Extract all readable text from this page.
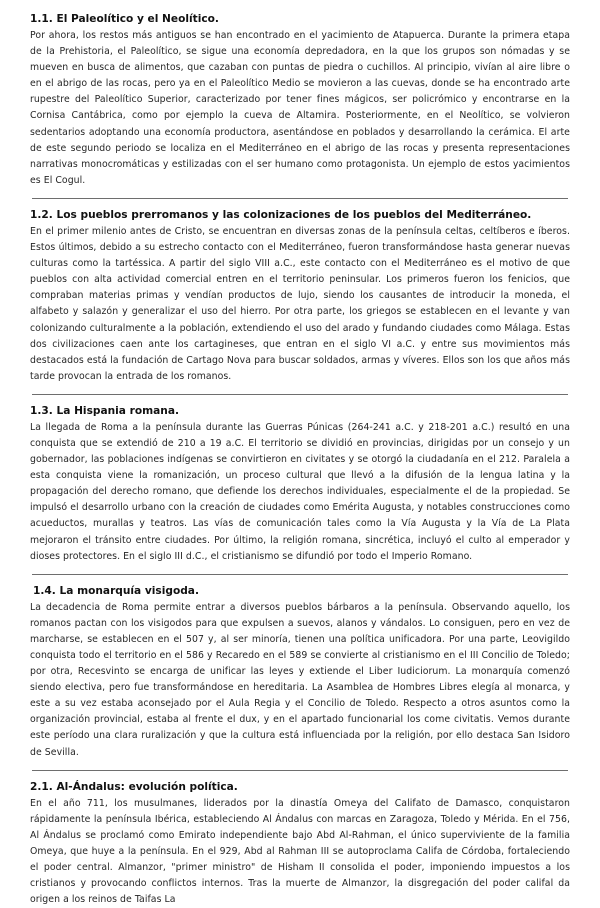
1.1. El Paleolítico y el Neolítico.

Por ahora, los restos más antiguos se han encontrado en el yacimiento de Atapuerca. Durante la primera etapa de la Prehistoria, el Paleolítico, se sigue una economía depredadora, en la que los grupos son nómadas y se mueven en busca de alimentos, que cazaban con puntas de piedra o cuchillos. Al principio, vivían al aire libre o en el abrigo de las rocas, pero ya en el Paleolítico Medio se movieron a las cuevas, donde se ha encontrado arte rupestre del Paleolítico Superior, caracterizado por tener fines mágicos, ser policrómico y encontrarse en la Cornisa Cantábrica, como por ejemplo la cueva de Altamira. Posteriormente, en el Neolítico, se volvieron sedentarios adoptando una economía productora, asentándose en poblados y desarrollando la cerámica. El arte de este segundo periodo se localiza en el Mediterráneo en el abrigo de las rocas y presenta representaciones narrativas monocromáticas y estilizadas con el ser humano como protagonista. Un ejemplo de estos yacimientos es El Cogul.

1.2. Los pueblos prerromanos y las colonizaciones de los pueblos del Mediterráneo.

En el primer milenio antes de Cristo, se encuentran en diversas zonas de la península celtas, celtíberos e íberos. Estos últimos, debido a su estrecho contacto con el Mediterráneo, fueron transformándose hasta generar nuevas culturas como la tartéssica. A partir del siglo VIII a.C., este contacto con el Mediterráneo es el motivo de que pueblos con alta actividad comercial entren en el territorio peninsular. Los primeros fueron los fenicios, que compraban materias primas y vendían productos de lujo, siendo los causantes de introducir la moneda, el alfabeto y salazón y generalizar el uso del hierro. Por otra parte, los griegos se establecen en el levante y van colonizando culturalmente a la población, extendiendo el uso del arado y fundando ciudades como Málaga. Estas dos civilizaciones caen ante los cartagineses, que entran en el siglo VI a.C. y entre sus movimientos más destacados está la fundación de Cartago Nova para buscar soldados, armas y víveres. Ellos son los que años más tarde provocan la entrada de los romanos.

1.3. La Hispania romana.

La llegada de Roma a la península durante las Guerras Púnicas (264-241 a.C. y 218-201 a.C.) resultó en una conquista que se extendió de 210 a 19 a.C. El territorio se dividió en provincias, dirigidas por un consejo y un gobernador, las poblaciones indígenas se convirtieron en civitates y se otorgó la ciudadanía en el 212. Paralela a esta conquista viene la romanización, un proceso cultural que llevó a la difusión de la lengua latina y la propagación del derecho romano, que defiende los derechos individuales, especialmente el de la propiedad. Se impulsó el desarrollo urbano con la creación de ciudades como Emérita Augusta, y notables construcciones como acueductos, murallas y teatros. Las vías de comunicación tales como la Vía Augusta y la Vía de La Plata mejoraron el tránsito entre ciudades. Por último, la religión romana, sincrética, incluyó el culto al emperador y dioses protectores. En el siglo III d.C., el cristianismo se difundió por todo el Imperio Romano.

1.4. La monarquía visigoda.

La decadencia de Roma permite entrar a diversos pueblos bárbaros a la península. Observando aquello, los romanos pactan con los visigodos para que expulsen a suevos, alanos y vándalos. Lo consiguen, pero en vez de marcharse, se establecen en el 507 y, al ser minoría, tienen una política unificadora. Por una parte, Leovigildo conquista todo el territorio en el 586 y Recaredo en el 589 se convierte al cristianismo en el III Concilio de Toledo; por otra, Recesvinto se encarga de unificar las leyes y extiende el Liber Iudiciorum. La monarquía comenzó siendo electiva, pero fue transformándose en hereditaria. La Asamblea de Hombres Libres elegía al monarca, y este a su vez estaba aconsejado por el Aula Regia y el Concilio de Toledo. Respecto a otros asuntos como la organización provincial, estaba al frente el dux, y en el apartado funcionarial los come civitatis. Vemos durante este período una clara ruralización y que la cultura está influenciada por la religión, por ello destaca San Isidoro de Sevilla.

2.1. Al-Ándalus: evolución política.

En el año 711, los musulmanes, liderados por la dinastía Omeya del Califato de Damasco, conquistaron rápidamente la península Ibérica, estableciendo Al Ándalus con marcas en Zaragoza, Toledo y Mérida. En el 756, Al Ándalus se proclamó como Emirato independiente bajo Abd Al-Rahman, el único superviviente de la familia Omeya, que huye a la península. En el 929, Abd al Rahman III se autoproclama Califa de Córdoba, fortaleciendo el poder central. Almanzor, "primer ministro" de Hisham II consolida el poder, imponiendo impuestos a los cristianos y provocando conflictos internos. Tras la muerte de Almanzor, la disgregación del poder califal da origen a los reinos de Taifas La
